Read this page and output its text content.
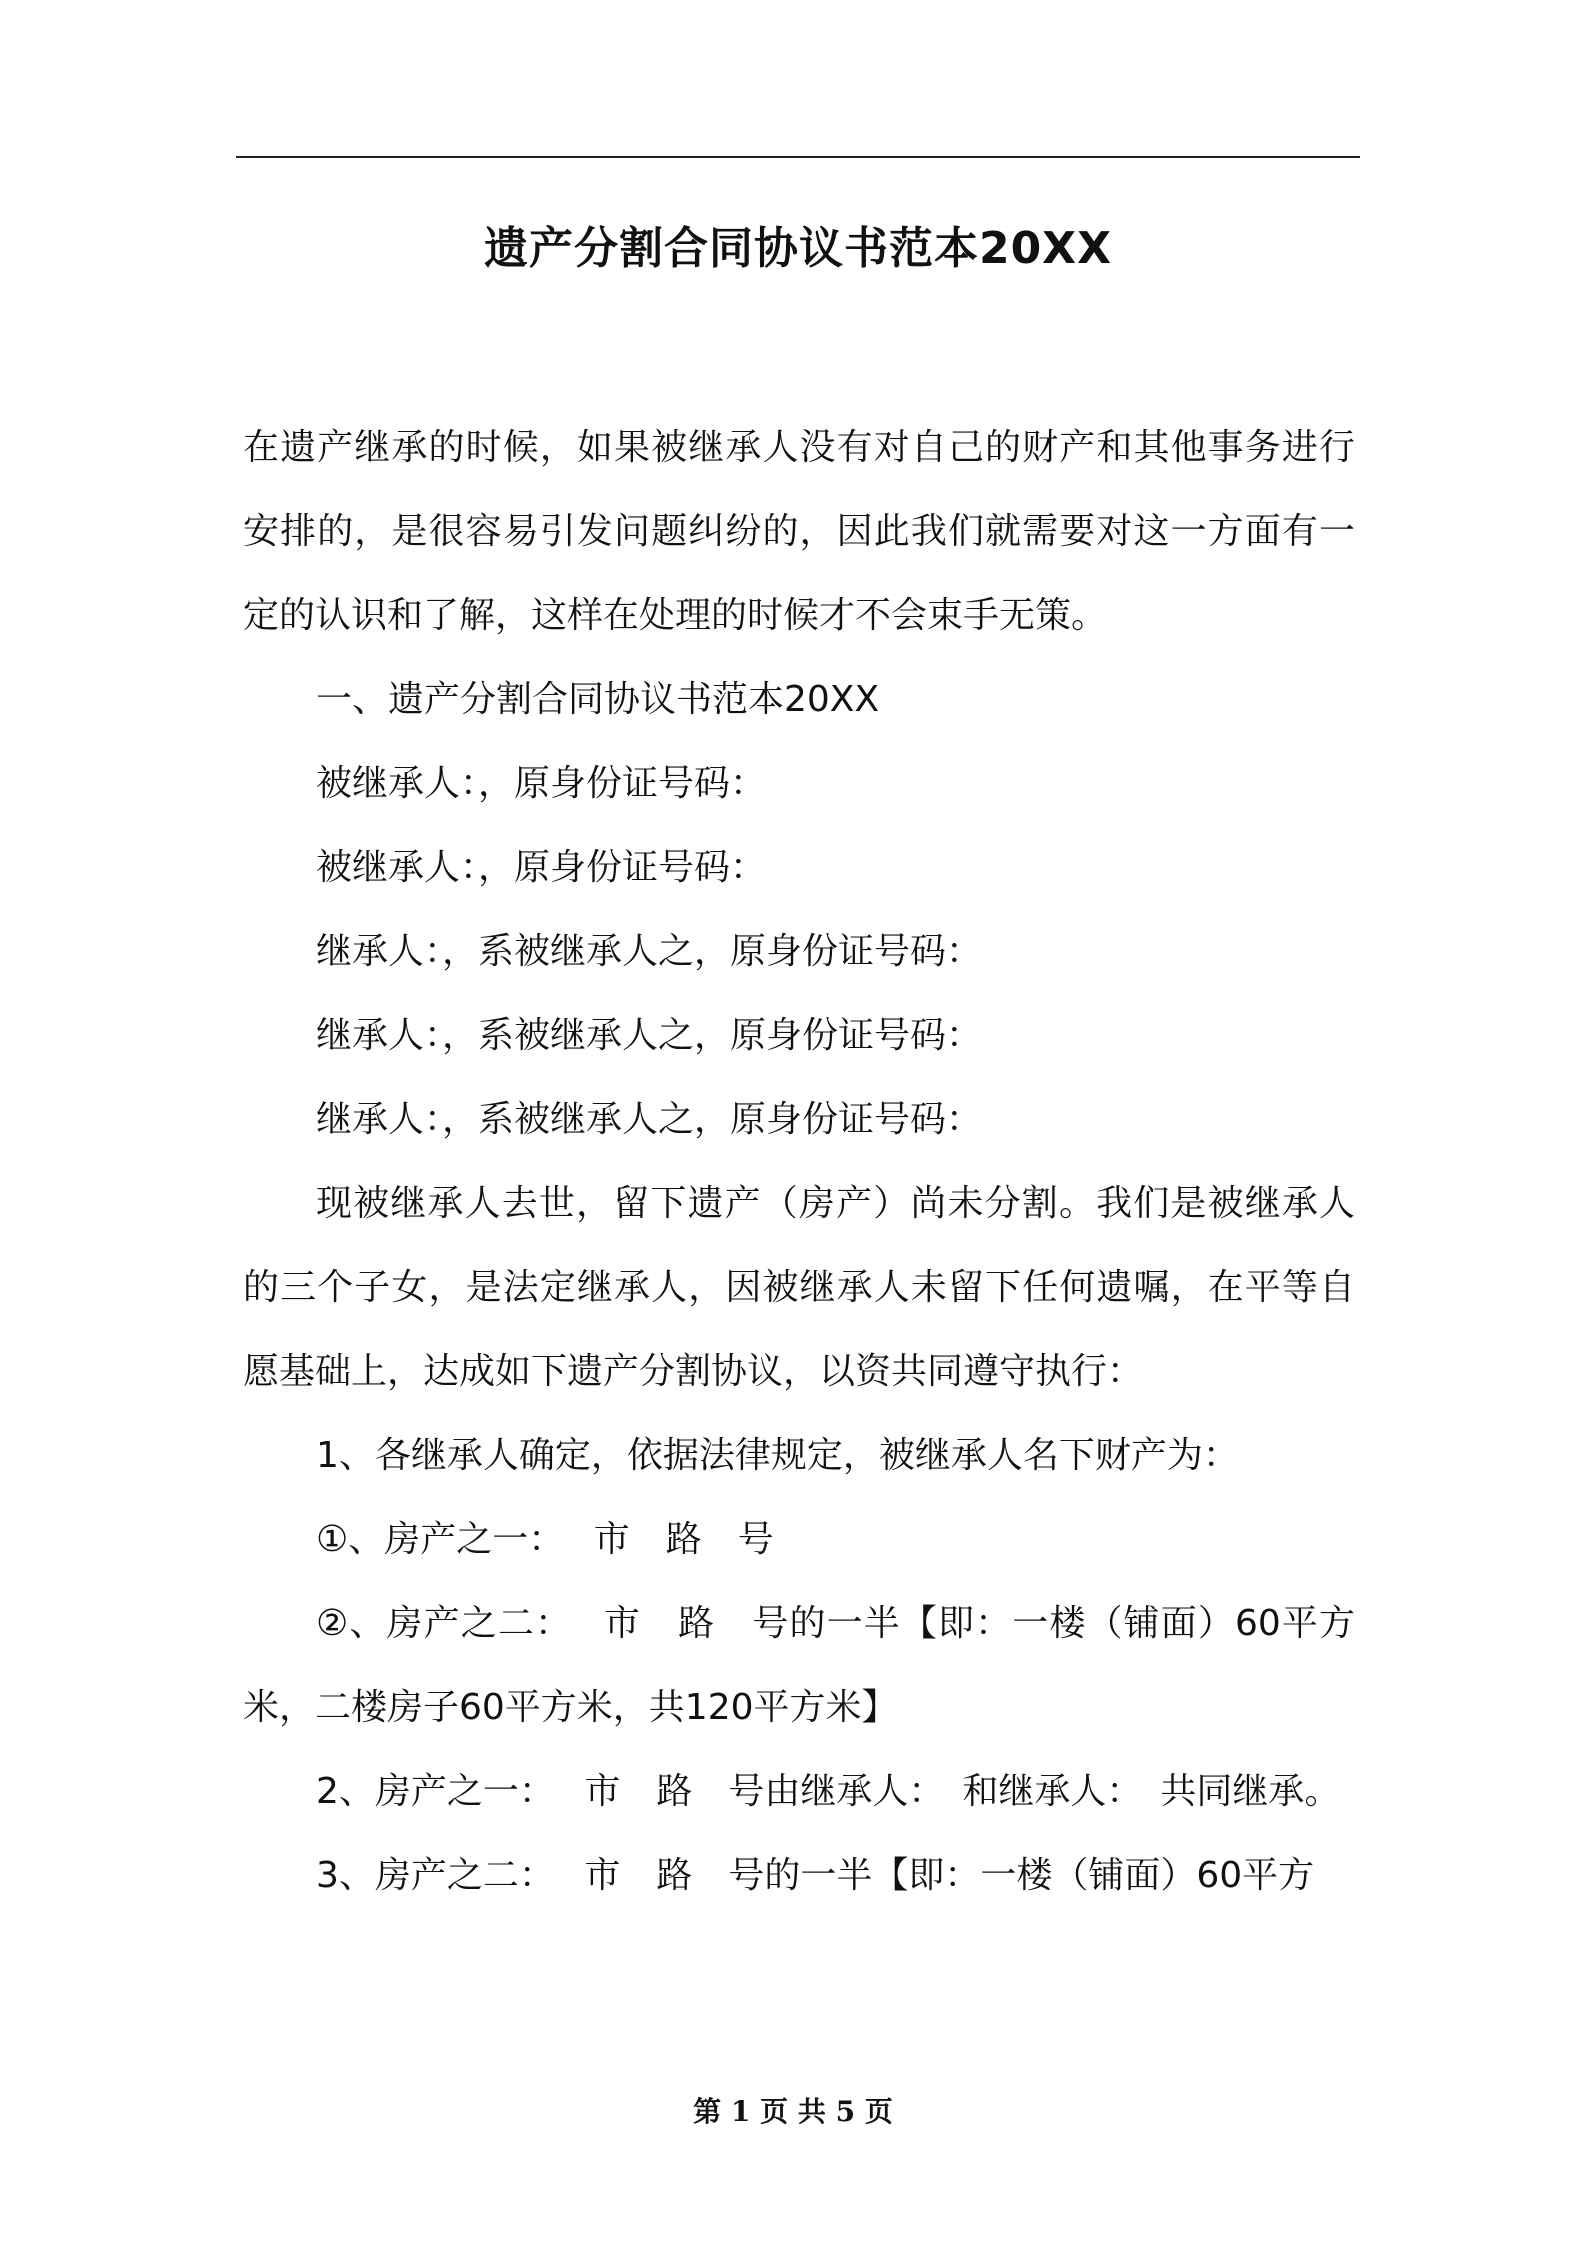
遗产分割合同协议书范本20XX

在遗产继承的时候，如果被继承人没有对自己的财产和其他事务进行安排的，是很容易引发问题纠纷的，因此我们就需要对这一方面有一定的认识和了解，这样在处理的时候才不会束手无策。

一、遗产分割合同协议书范本20XX

被继承人：，原身份证号码：

被继承人：，原身份证号码：

继承人：，系被继承人之，原身份证号码：

继承人：，系被继承人之，原身份证号码：

继承人：，系被继承人之，原身份证号码：

现被继承人去世，留下遗产（房产）尚未分割。我们是被继承人的三个子女，是法定继承人，因被继承人未留下任何遗嘱，在平等自愿基础上，达成如下遗产分割协议，以资共同遵守执行：

1、各继承人确定，依据法律规定，被继承人名下财产为：

①、房产之一：　 市　路　号

②、房产之二：　 市　路　号的一半【即：一楼（铺面）60平方米，二楼房子60平方米，共120平方米】

2、房产之一：　 市　路　号由继承人：　和继承人：　共同继承。

3、房产之二：　 市　路　号的一半【即：一楼（铺面）60平方

第 1 页 共 5 页
